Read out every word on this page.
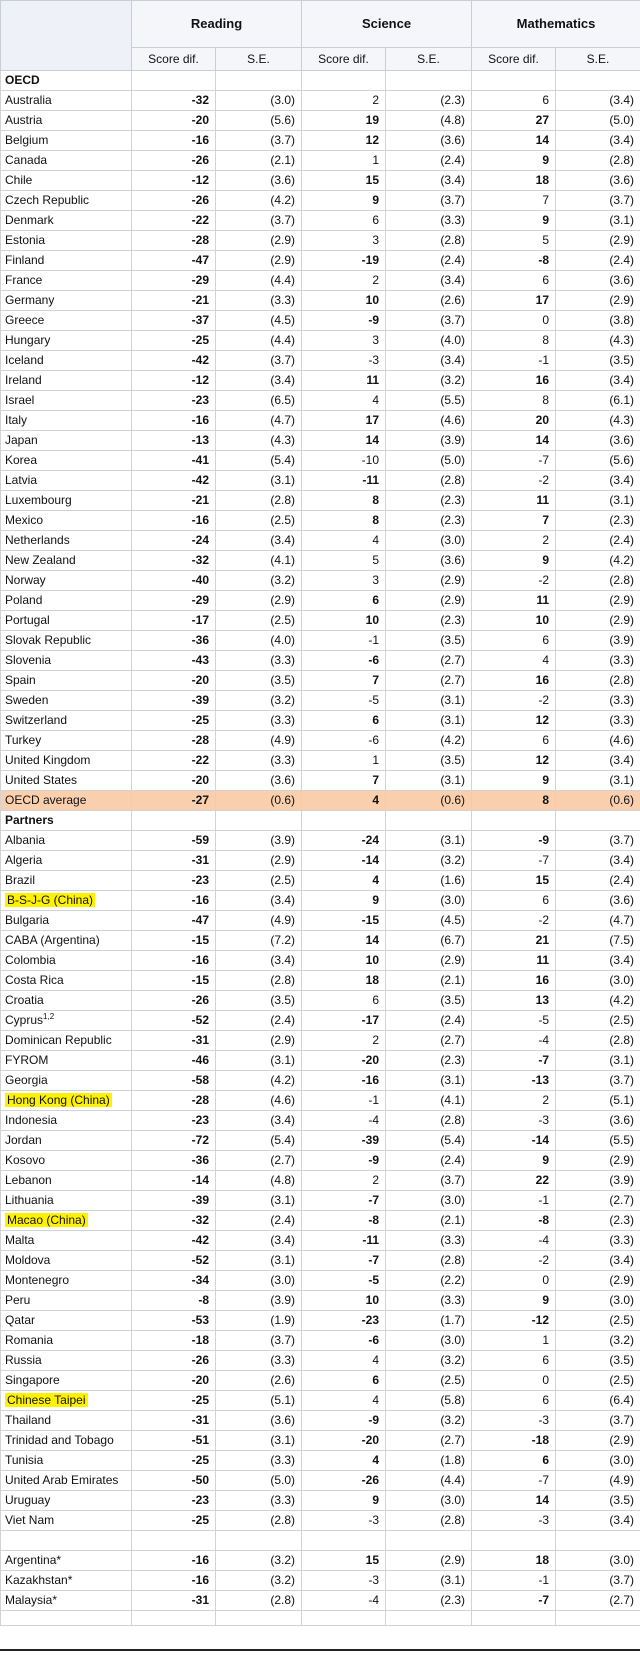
	Reading		Science		Mathematics	
	Score dif.	S.E.	Score dif.	S.E.	Score dif.	S.E.
OECD						
Australia	-32	(3.0)	2	(2.3)	6	(3.4)
Austria	-20	(5.6)	19	(4.8)	27	(5.0)
Belgium	-16	(3.7)	12	(3.6)	14	(3.4)
Canada	-26	(2.1)	1	(2.4)	9	(2.8)
Chile	-12	(3.6)	15	(3.4)	18	(3.6)
Czech Republic	-26	(4.2)	9	(3.7)	7	(3.7)
Denmark	-22	(3.7)	6	(3.3)	9	(3.1)
Estonia	-28	(2.9)	3	(2.8)	5	(2.9)
Finland	-47	(2.9)	-19	(2.4)	-8	(2.4)
France	-29	(4.4)	2	(3.4)	6	(3.6)
Germany	-21	(3.3)	10	(2.6)	17	(2.9)
Greece	-37	(4.5)	-9	(3.7)	0	(3.8)
Hungary	-25	(4.4)	3	(4.0)	8	(4.3)
Iceland	-42	(3.7)	-3	(3.4)	-1	(3.5)
Ireland	-12	(3.4)	11	(3.2)	16	(3.4)
Israel	-23	(6.5)	4	(5.5)	8	(6.1)
Italy	-16	(4.7)	17	(4.6)	20	(4.3)
Japan	-13	(4.3)	14	(3.9)	14	(3.6)
Korea	-41	(5.4)	-10	(5.0)	-7	(5.6)
Latvia	-42	(3.1)	-11	(2.8)	-2	(3.4)
Luxembourg	-21	(2.8)	8	(2.3)	11	(3.1)
Mexico	-16	(2.5)	8	(2.3)	7	(2.3)
Netherlands	-24	(3.4)	4	(3.0)	2	(2.4)
New Zealand	-32	(4.1)	5	(3.6)	9	(4.2)
Norway	-40	(3.2)	3	(2.9)	-2	(2.8)
Poland	-29	(2.9)	6	(2.9)	11	(2.9)
Portugal	-17	(2.5)	10	(2.3)	10	(2.9)
Slovak Republic	-36	(4.0)	-1	(3.5)	6	(3.9)
Slovenia	-43	(3.3)	-6	(2.7)	4	(3.3)
Spain	-20	(3.5)	7	(2.7)	16	(2.8)
Sweden	-39	(3.2)	-5	(3.1)	-2	(3.3)
Switzerland	-25	(3.3)	6	(3.1)	12	(3.3)
Turkey	-28	(4.9)	-6	(4.2)	6	(4.6)
United Kingdom	-22	(3.3)	1	(3.5)	12	(3.4)
United States	-20	(3.6)	7	(3.1)	9	(3.1)
OECD average	-27	(0.6)	4	(0.6)	8	(0.6)
Partners						
Albania	-59	(3.9)	-24	(3.1)	-9	(3.7)
Algeria	-31	(2.9)	-14	(3.2)	-7	(3.4)
Brazil	-23	(2.5)	4	(1.6)	15	(2.4)
B-S-J-G (China)	-16	(3.4)	9	(3.0)	6	(3.6)
Bulgaria	-47	(4.9)	-15	(4.5)	-2	(4.7)
CABA (Argentina)	-15	(7.2)	14	(6.7)	21	(7.5)
Colombia	-16	(3.4)	10	(2.9)	11	(3.4)
Costa Rica	-15	(2.8)	18	(2.1)	16	(3.0)
Croatia	-26	(3.5)	6	(3.5)	13	(4.2)
Cyprus$^{1,2}$	-52	(2.4)	-17	(2.4)	-5	(2.5)
Dominican Republic	-31	(2.9)	2	(2.7)	-4	(2.8)
FYROM	-46	(3.1)	-20	(2.3)	-7	(3.1)
Georgia	-58	(4.2)	-16	(3.1)	-13	(3.7)
Hong Kong (China)	-28	(4.6)	-1	(4.1)	2	(5.1)
Indonesia	-23	(3.4)	-4	(2.8)	-3	(3.6)
Jordan	-72	(5.4)	-39	(5.4)	-14	(5.5)
Kosovo	-36	(2.7)	-9	(2.4)	9	(2.9)
Lebanon	-14	(4.8)	2	(3.7)	22	(3.9)
Lithuania	-39	(3.1)	-7	(3.0)	-1	(2.7)
Macao (China)	-32	(2.4)	-8	(2.1)	-8	(2.3)
Malta	-42	(3.4)	-11	(3.3)	-4	(3.3)
Moldova	-52	(3.1)	-7	(2.8)	-2	(3.4)
Montenegro	-34	(3.0)	-5	(2.2)	0	(2.9)
Peru	-8	(3.9)	10	(3.3)	9	(3.0)
Qatar	-53	(1.9)	-23	(1.7)	-12	(2.5)
Romania	-18	(3.7)	-6	(3.0)	1	(3.2)
Russia	-26	(3.3)	4	(3.2)	6	(3.5)
Singapore	-20	(2.6)	6	(2.5)	0	(2.5)
Chinese Taipei	-25	(5.1)	4	(5.8)	6	(6.4)
Thailand	-31	(3.6)	-9	(3.2)	-3	(3.7)
Trinidad and Tobago	-51	(3.1)	-20	(2.7)	-18	(2.9)
Tunisia	-25	(3.3)	4	(1.8)	6	(3.0)
United Arab Emirates	-50	(5.0)	-26	(4.4)	-7	(4.9)
Uruguay	-23	(3.3)	9	(3.0)	14	(3.5)
Viet Nam	-25	(2.8)	-3	(2.8)	-3	(3.4)

Argentina*	-16	(3.2)	15	(2.9)	18	(3.0)
Kazakhstan*	-16	(3.2)	-3	(3.1)	-1	(3.7)
Malaysia*	-31	(2.8)	-4	(2.3)	-7	(2.7)
